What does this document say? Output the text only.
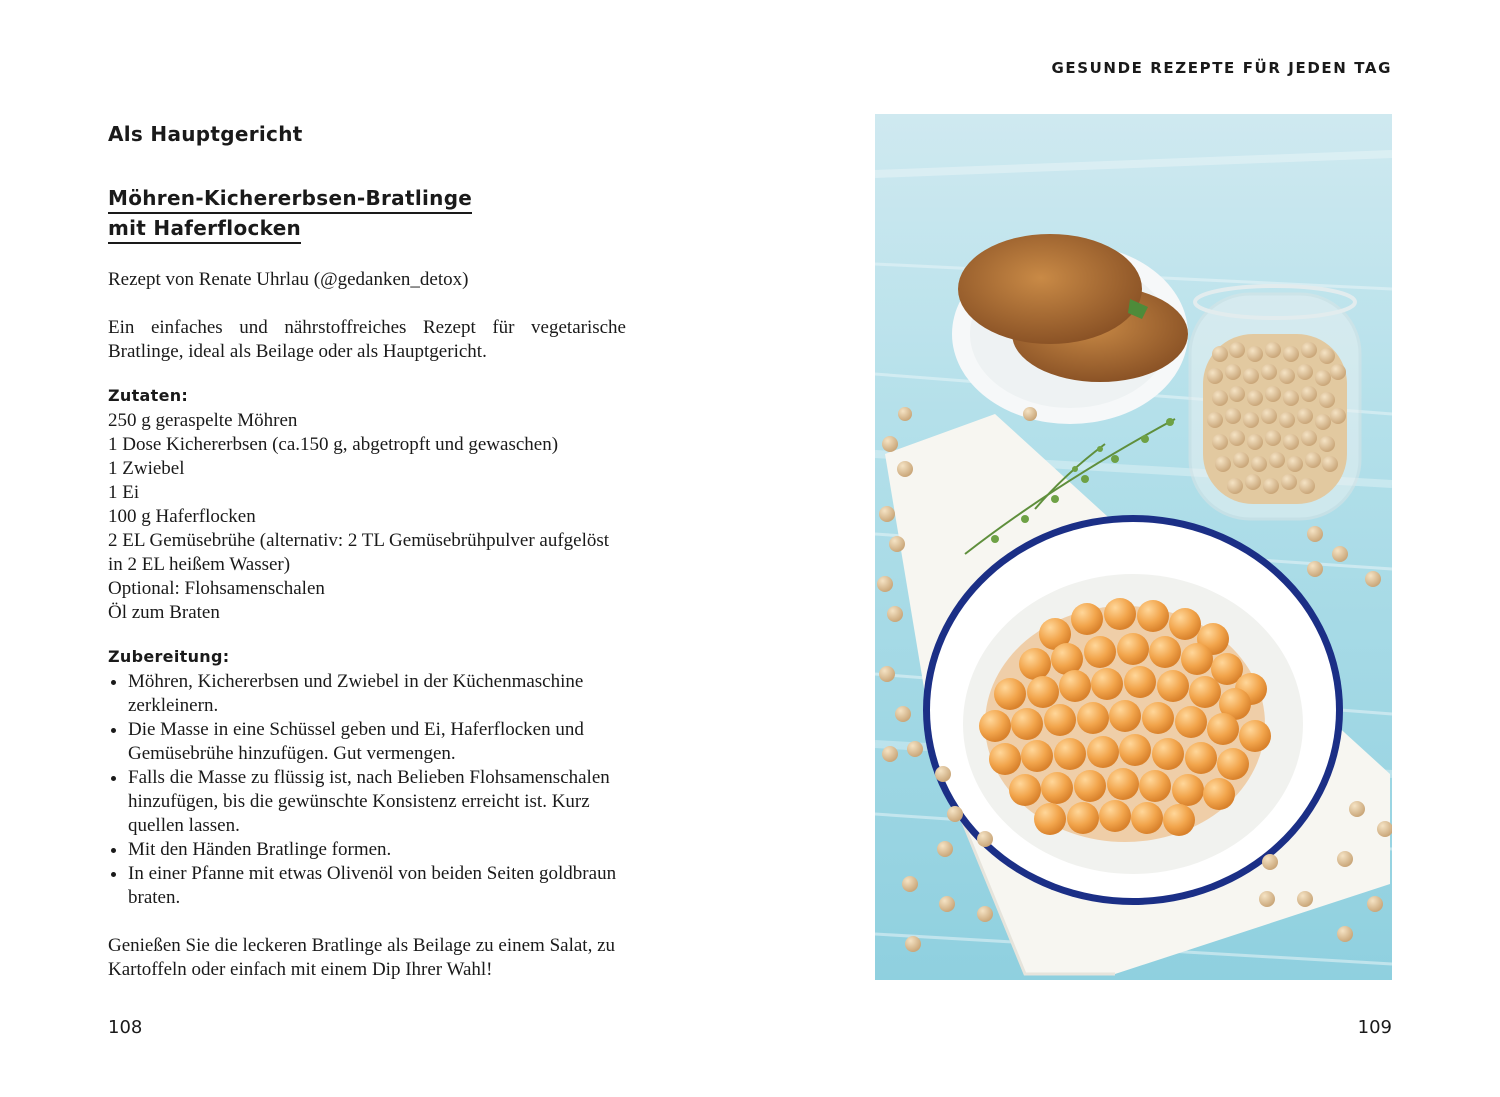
GESUNDE REZEPTE FÜR JEDEN TAG
Als Hauptgericht
Möhren-Kichererbsen-Bratlinge
mit Haferflocken

Rezept von Renate Uhrlau (@gedanken_detox)

Ein einfaches und nährstoffreiches Rezept für vegetarische Bratlinge, ideal als Beilage oder als Hauptgericht.

Zutaten:
250 g geraspelte Möhren
1 Dose Kichererbsen (ca.150 g, abgetropft und gewaschen)
1 Zwiebel
1 Ei
100 g Haferflocken
2 EL Gemüsebrühe (alternativ: 2 TL Gemüsebrühpulver aufgelöst in 2 EL heißem Wasser)
Optional: Flohsamenschalen
Öl zum Braten
Zubereitung:
• Möhren, Kichererbsen und Zwiebel in der Küchenmaschine zerkleinern.
• Die Masse in eine Schüssel geben und Ei, Haferflocken und Gemüsebrühe hinzufügen. Gut vermengen.
• Falls die Masse zu flüssig ist, nach Belieben Flohsamenschalen hinzufügen, bis die gewünschte Konsistenz erreicht ist. Kurz quellen lassen.
• Mit den Händen Bratlinge formen.
• In einer Pfanne mit etwas Olivenöl von beiden Seiten goldbraun braten.

Genießen Sie die leckeren Bratlinge als Beilage zu einem Salat, zu Kartoffeln oder einfach mit einem Dip Ihrer Wahl!

108	109
